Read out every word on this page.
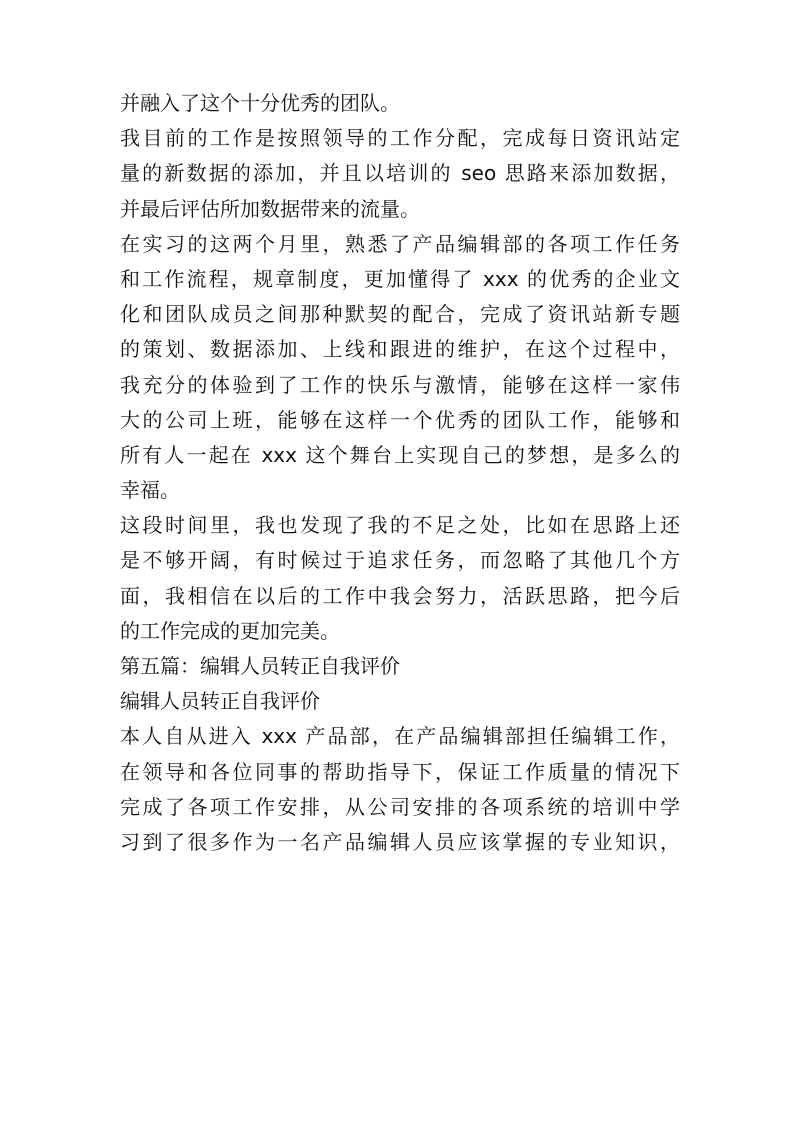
并融入了这个十分优秀的团队。
我目前的工作是按照领导的工作分配，完成每日资讯站定
量的新数据的添加，并且以培训的 seo 思路来添加数据，
并最后评估所加数据带来的流量。
在实习的这两个月里，熟悉了产品编辑部的各项工作任务
和工作流程，规章制度，更加懂得了 xxx 的优秀的企业文
化和团队成员之间那种默契的配合，完成了资讯站新专题
的策划、数据添加、上线和跟进的维护，在这个过程中，
我充分的体验到了工作的快乐与激情，能够在这样一家伟
大的公司上班，能够在这样一个优秀的团队工作，能够和
所有人一起在 xxx 这个舞台上实现自己的梦想，是多么的
幸福。
这段时间里，我也发现了我的不足之处，比如在思路上还
是不够开阔，有时候过于追求任务，而忽略了其他几个方
面，我相信在以后的工作中我会努力，活跃思路，把今后
的工作完成的更加完美。
第五篇：编辑人员转正自我评价
编辑人员转正自我评价
本人自从进入 xxx 产品部，在产品编辑部担任编辑工作，
在领导和各位同事的帮助指导下，保证工作质量的情况下
完成了各项工作安排，从公司安排的各项系统的培训中学
习到了很多作为一名产品编辑人员应该掌握的专业知识，
